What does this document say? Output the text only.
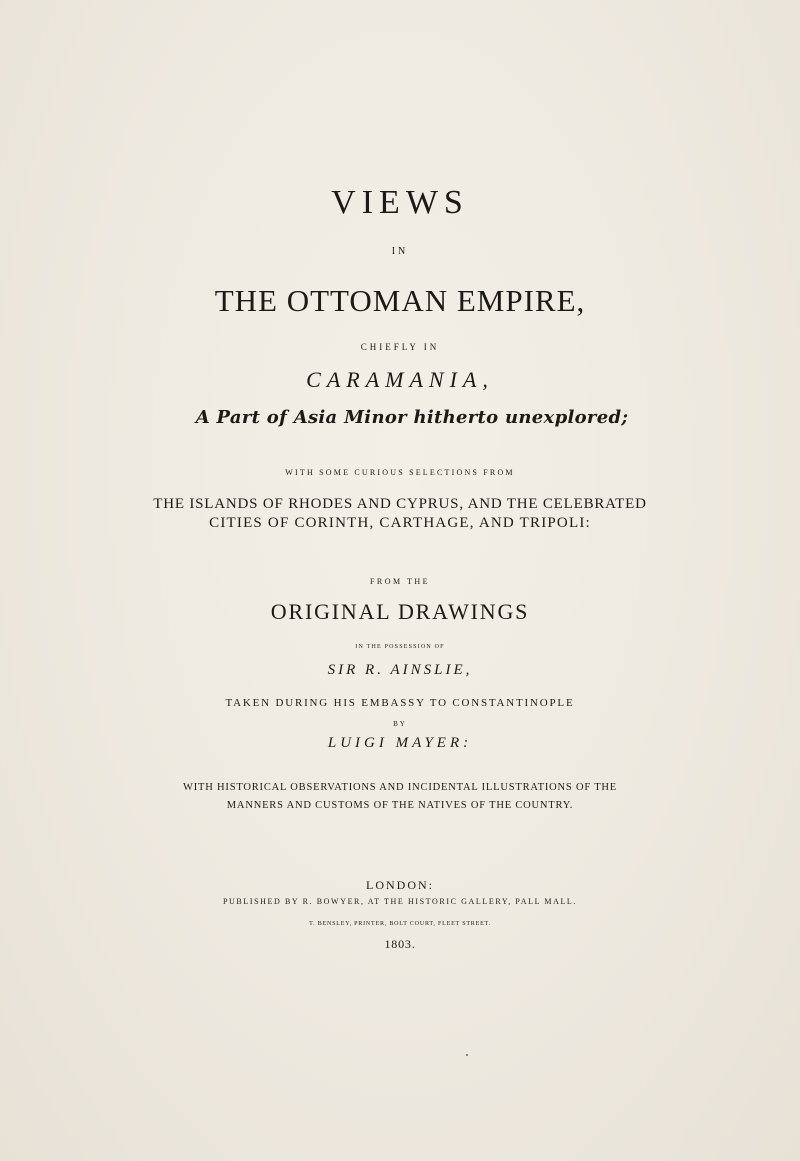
VIEWS
IN
THE OTTOMAN EMPIRE,
CHIEFLY IN
CARAMANIA,
A Part of Asia Minor hitherto unexplored;
WITH SOME CURIOUS SELECTIONS FROM
THE ISLANDS OF RHODES AND CYPRUS, AND THE CELEBRATED
CITIES OF CORINTH, CARTHAGE, AND TRIPOLI:
FROM THE
ORIGINAL DRAWINGS
IN THE POSSESSION OF
SIR R. AINSLIE,
TAKEN DURING HIS EMBASSY TO CONSTANTINOPLE
BY
LUIGI MAYER:
WITH HISTORICAL OBSERVATIONS AND INCIDENTAL ILLUSTRATIONS OF THE
MANNERS AND CUSTOMS OF THE NATIVES OF THE COUNTRY.
LONDON:
PUBLISHED BY R. BOWYER, AT THE HISTORIC GALLERY, PALL MALL.
T. BENSLEY, PRINTER, BOLT COURT, FLEET STREET.
1803.
